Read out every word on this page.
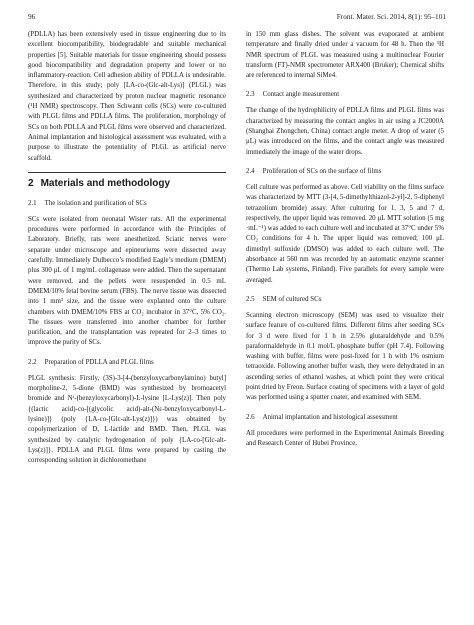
96	Front. Mater. Sci. 2014, 8(1): 95–101

(PDLLA) has been extensively used in tissue engineering due to its excellent biocompatibility, biodegradable and suitable mechanical properties [5]. Suitable materials for tissue engineering should possess good biocompatibility and degradation property and lower or no inflammatory-reaction. Cell adhesion ability of PDLLA is undesirable. Therefore, in this study; poly [LA-co-(Glc-alt-Lys)] (PLGL) was synthesized and characterized by proton nuclear magnetic resonance (¹H NMR) spectroscopy. Then Schwann cells (SCs) were co-cultured with PLGL films and PDLLA films. The proliferation, morphology of SCs on both PDLLA and PLGL films were observed and characterized. Animal implantation and histological assessment was evaluated, with a purpose to illustrate the potentiality of PLGL as artificial nerve scaffold.

2 Materials and methodology
2.1 The isolation and purification of SCs

SCs were isolated from neonatal Wister rats. All the experimental procedures were performed in accordance with the Principles of Laboratory. Briefly, rats were anesthetized. Sciatic nerves were separate under microscope and epineuriums were dissected away carefully. Immediately Dulbecco’s modified Eagle’s medium (DMEM) plus 300 μL of 1 mg/mL collagenase were added. Then the supernatant were removed, and the pellets were resuspended in 0.5 mL DMEM/10% fetal bovine serum (FBS). The nerve tissue was dissected into 1 mm³ size, and the tissue were explanted onto the culture chambers with DMEM/10% FBS at CO₂ incubator in 37°C, 5% CO₂. The tissues were transferred into another chamber for further purification, and the transplantation was repeated for 2–3 times to improve the purity of SCs.

2.2 Preparation of PDLLA and PLGL films

PLGL synthesis: Firstly, (3S)-3-[4-(benzyloxycarbonylamino) butyl] morpholine-2, 5-dione (BMD) was synthesized by bromoacetyl bromide and Nᵋ-(benzyloxycarbonyl)-L-lysine [L-Lys(z)]. Then poly {(lactic acid)-co-[(glycolic acid)-alt-(Nε-benzyloxycarbonyl-L-lysine)]} (poly {LA-co-[Glc-alt-Lys(z)]}) was obtained by copolymerization of D, L-lactide and BMD. Then, PLGL was synthesized by catalytic hydrogenation of poly {LA-co-[Glc-alt-Lys(z)]}. PDLLA and PLGL films were prepared by casting the corresponding solution in dichloromethane

in 150 mm glass dishes. The solvent was evaporated at ambient temperature and finally dried under a vacuum for 48 h. Then the ¹H NMR spectrum of PLGL was measured using a multinuclear Fourier transform (FT)-NMR spectrometer ARX400 (Bruker); Chemical shifts are referenced to internal SiMe4.

2.3 Contact angle measurement

The change of the hydrophilicity of PDLLA films and PLGL films was characterized by measuring the contact angles in air using a JC2000A (Shanghai Zhongchen, China) contact angle meter. A drop of water (5 μL) was introduced on the films, and the contact angle was measured immediately the image of the water drops.

2.4 Proliferation of SCs on the surface of films

Cell culture was performed as above. Cell viability on the films surface was characterized by MTT (3-[4, 5-dimethylthiazol-2-yl]-2, 5-diphenyl tetrazolium bromide) assay. After culturing for 1, 3, 5 and 7 d, respectively, the upper liquid was removed. 20 μL MTT solution (5 mg ·mL⁻¹) was added to each culture well and incubated at 37°C under 5% CO₂ conditions for 4 h. The upper liquid was removed; 100 μL dimethyl sulfoxide (DMSO) was added to each culture well. The absorbance at 560 nm was recorded by an automatic enzyme scanner (Thermo Lab systems, Finland). Five parallels for every sample were averaged.

2.5 SEM of cultured SCs

Scanning electron microscopy (SEM) was used to visualize their surface feature of co-cultured films. Different films after seeding SCs for 3 d were fixed for 1 h in 2.5% glutaraldehyde and 0.5% paraformaldehyde in 0.1 mol/L phosphate buffer (pH 7.4). Following washing with buffer, films were post-fixed for 1 h with 1% osmium tetraoxide. Following another buffer wash, they were dehydrated in an ascending series of ethanol washes, at which point they were critical point dried by Freon. Surface coating of specimens with a layer of gold was performed using a sputter coater, and examined with SEM.

2.6 Animal implantation and histological assessment

All procedures were performed in the Experimental Animals Breeding and Research Center of Hubei Province,
